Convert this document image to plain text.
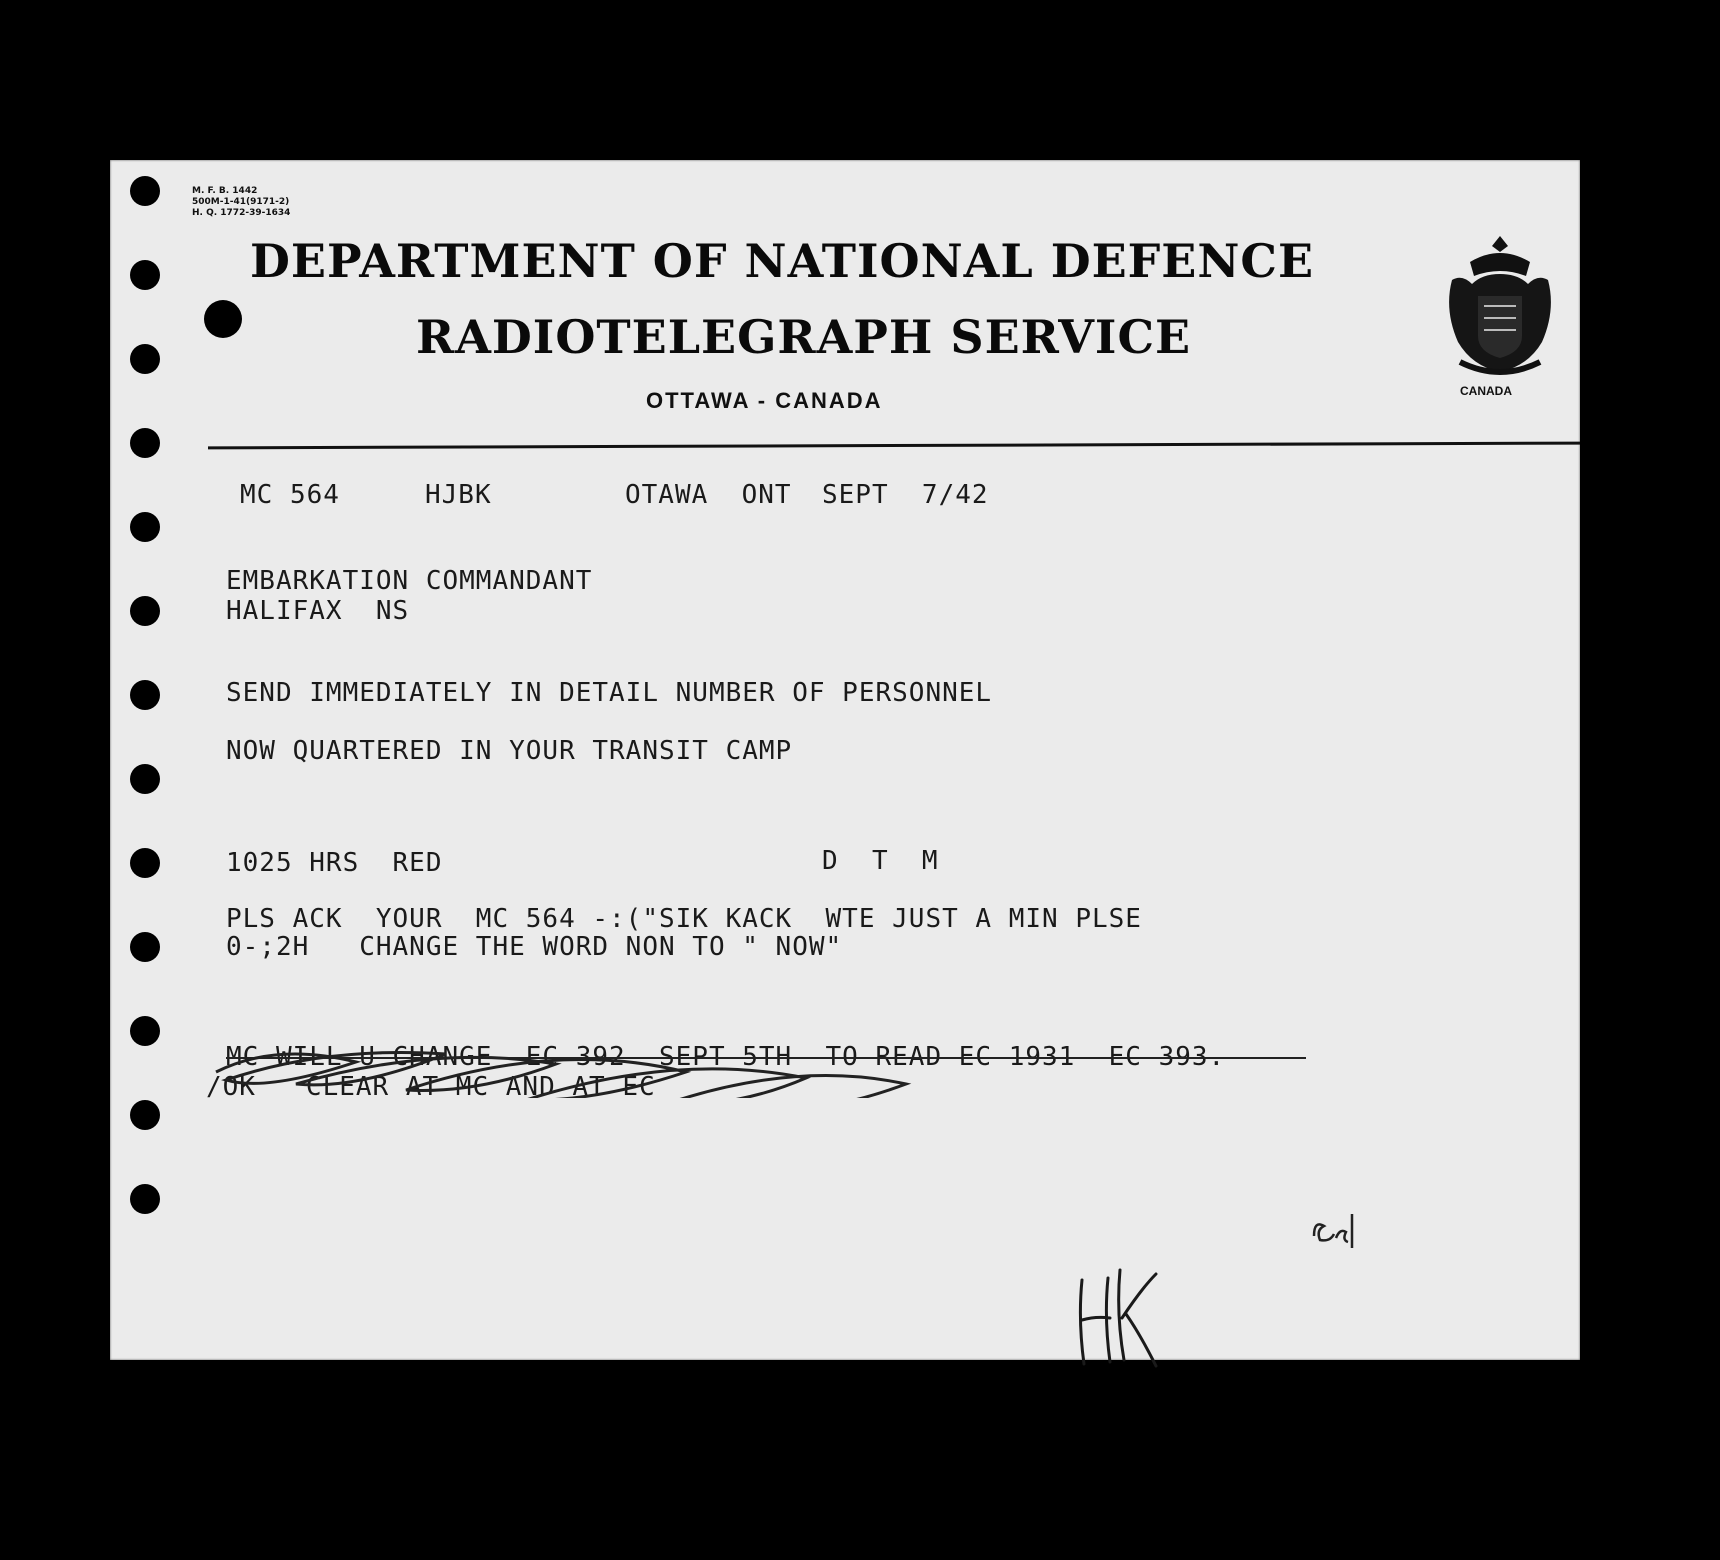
M. F. B. 1442
500M-1-41(9171-2)
H. Q. 1772-39-1634
DEPARTMENT OF NATIONAL DEFENCE
RADIOTELEGRAPH SERVICE
OTTAWA - CANADA	CANADA
MC 564	HJBK	OTAWA  ONT SEPT  7/42
EMBARKATION COMMANDANT
HALIFAX  NS
SEND IMMEDIATELY IN DETAIL NUMBER OF PERSONNEL
NOW QUARTERED IN YOUR TRANSIT CAMP
1025 HRS  RED	D  T  M
PLS ACK  YOUR  MC 564 -:("SIK KACK  WTE JUST A MIN PLSE
0-;2H   CHANGE THE WORD NON TO " NOW"
MC WILL U CHANGE  EC 392  SEPT 5TH  TO READ EC 1931  EC 393.
/OK   CLEAR AT MC AND AT EC
